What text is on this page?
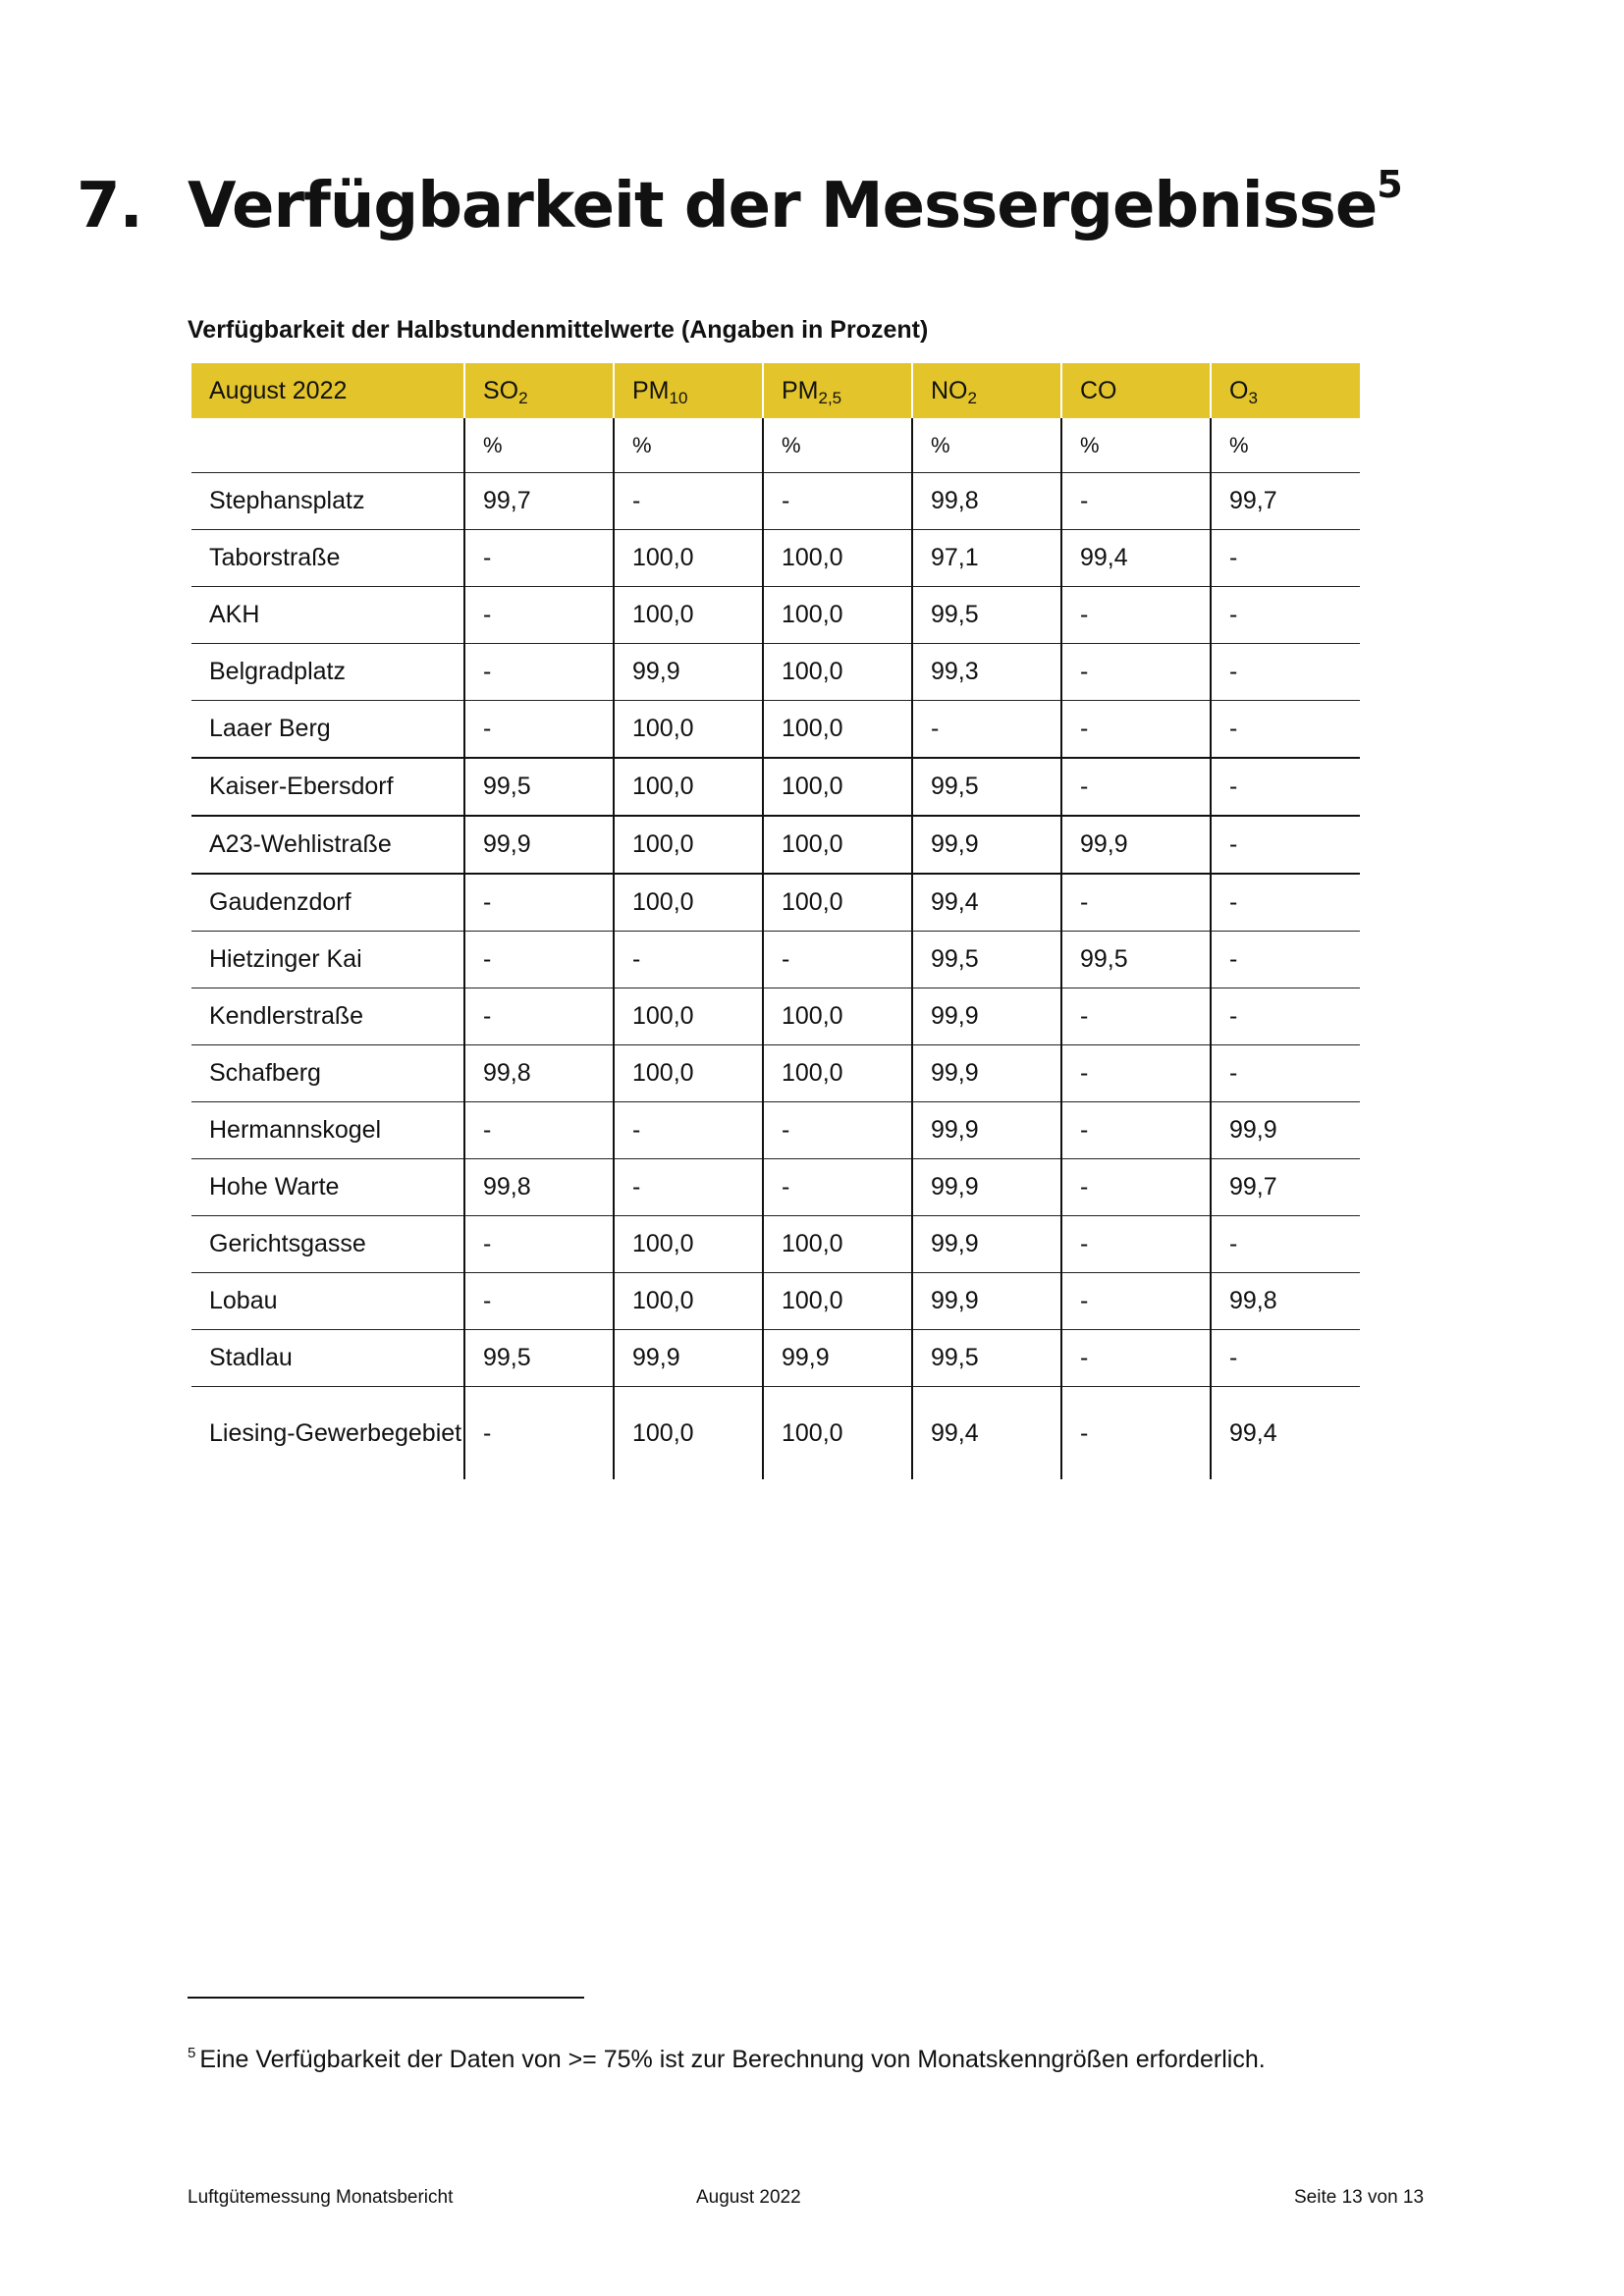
7. Verfügbarkeit der Messergebnisse$^5$

Verfügbarkeit der Halbstundenmittelwerte (Angaben in Prozent)

August 2022	$SO_2$	$PM_{10}$	$PM_{2,5}$	$NO_2$	CO	$O_3$
	%	%	%	%	%	%
Stephansplatz	99,7	-	-	99,8	-	99,7
Taborstraße	-	100,0	100,0	97,1	99,4	-
AKH	-	100,0	100,0	99,5	-	-
Belgradplatz	-	99,9	100,0	99,3	-	-
Laaer Berg	-	100,0	100,0	-	-	-
Kaiser-Ebersdorf	99,5	100,0	100,0	99,5	-	-
A23-Wehlistraße	99,9	100,0	100,0	99,9	99,9	-
Gaudenzdorf	-	100,0	100,0	99,4	-	-
Hietzinger Kai	-	-	-	99,5	99,5	-
Kendlerstraße	-	100,0	100,0	99,9	-	-
Schafberg	99,8	100,0	100,0	99,9	-	-
Hermannskogel	-	-	-	99,9	-	99,9
Hohe Warte	99,8	-	-	99,9	-	99,7
Gerichtsgasse	-	100,0	100,0	99,9	-	-
Lobau	-	100,0	100,0	99,9	-	99,8
Stadlau	99,5	99,9	99,9	99,5	-	-
Liesing-Gewerbegebiet	-	100,0	100,0	99,4	-	99,4

$^5$ Eine Verfügbarkeit der Daten von >= 75% ist zur Berechnung von Monatskenngrößen erforderlich.

Luftgütemessung Monatsbericht	August 2022	Seite 13 von 13
